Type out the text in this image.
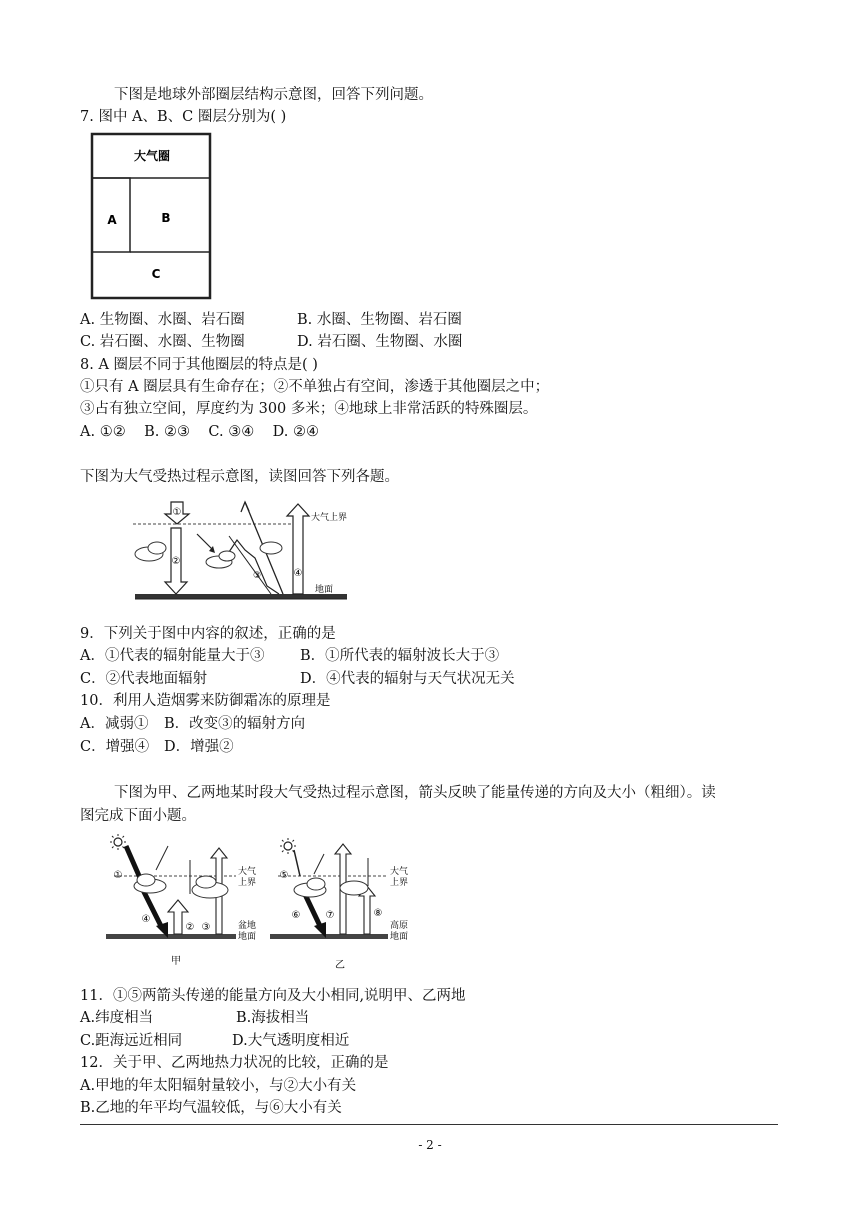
下图是地球外部圈层结构示意图，回答下列问题。
7. 图中 A、B、C 圈层分别为( )
大气圈
A	B
C
A. 生物圈、水圈、岩石圈	B. 水圈、生物圈、岩石圈
C. 岩石圈、水圈、生物圈	D. 岩石圈、生物圈、水圈
8. A 圈层不同于其他圈层的特点是( )
①只有 A 圈层具有生命存在；②不单独占有空间，渗透于其他圈层之中；
③占有独立空间，厚度约为 300 多米；④地球上非常活跃的特殊圈层。
A. ①②    B. ②③    C. ③④    D. ②④
下图为大气受热过程示意图，读图回答下列各题。
①
②
③	④
大气上界
地面
9．下列关于图中内容的叙述，正确的是
A．①代表的辐射能量大于③ B．①所代表的辐射波长大于③
C．②代表地面辐射	D．④代表的辐射与天气状况无关
10．利用人造烟雾来防御霜冻的原理是
A．减弱① B．改变③的辐射方向
C．增强④ D．增强②
下图为甲、乙两地某时段大气受热过程示意图，箭头反映了能量传递的方向及大小（粗细）。读
图完成下面小题。
①
② ③
④
大气
上界
盆地
地面
甲
⑤
⑥	⑦	⑧
大气
上界
高原
地面
乙
11．①⑤两箭头传递的能量方向及大小相同,说明甲、乙两地
A.纬度相当	B.海拔相当
C.距海远近相同	D.大气透明度相近
12．关于甲、乙两地热力状况的比较，正确的是
A.甲地的年太阳辐射量较小，与②大小有关
B.乙地的年平均气温较低，与⑥大小有关
- 2 -
